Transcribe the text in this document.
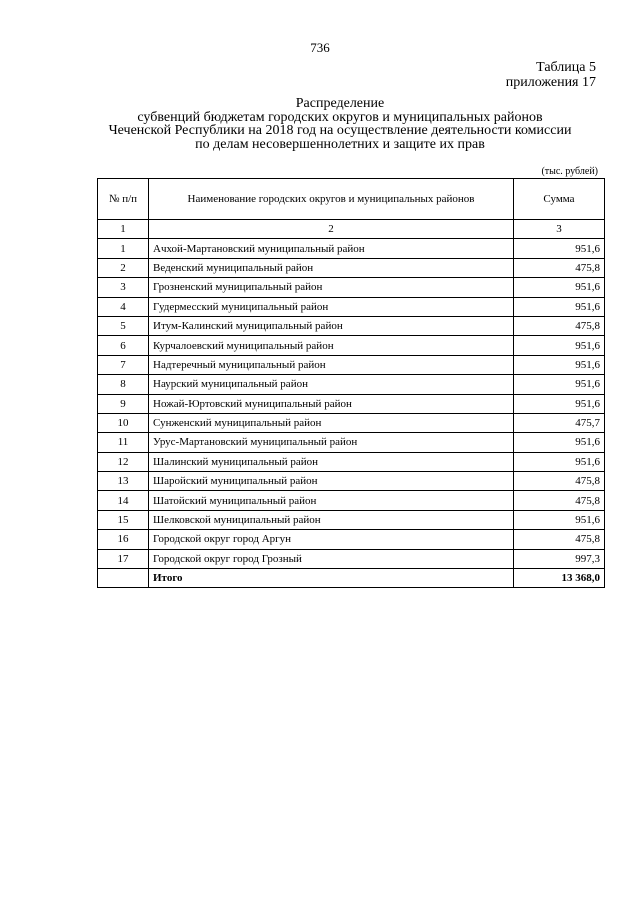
736
Таблица 5
приложения 17
Распределение
субвенций бюджетам городских округов и муниципальных районов
Чеченской Республики на 2018 год на осуществление деятельности комиссии
по делам несовершеннолетних и защите их прав
(тыс. рублей)
№ п/п	Наименование городских округов и муниципальных районов	Сумма
1	2	3
1	Ачхой-Мартановский муниципальный район	951,6
2	Веденский муниципальный район	475,8
3	Грозненский муниципальный район	951,6
4	Гудермесский муниципальный район	951,6
5	Итум-Калинский муниципальный район	475,8
6	Курчалоевский муниципальный район	951,6
7	Надтеречный муниципальный район	951,6
8	Наурский муниципальный район	951,6
9	Ножай-Юртовский муниципальный район	951,6
10	Сунженский муниципальный район	475,7
11	Урус-Мартановский муниципальный район	951,6
12	Шалинский муниципальный район	951,6
13	Шаройский муниципальный район	475,8
14	Шатойский муниципальный район	475,8
15	Шелковской муниципальный район	951,6
16	Городской округ город Аргун	475,8
17	Городской округ город Грозный	997,3
	Итого	13 368,0
